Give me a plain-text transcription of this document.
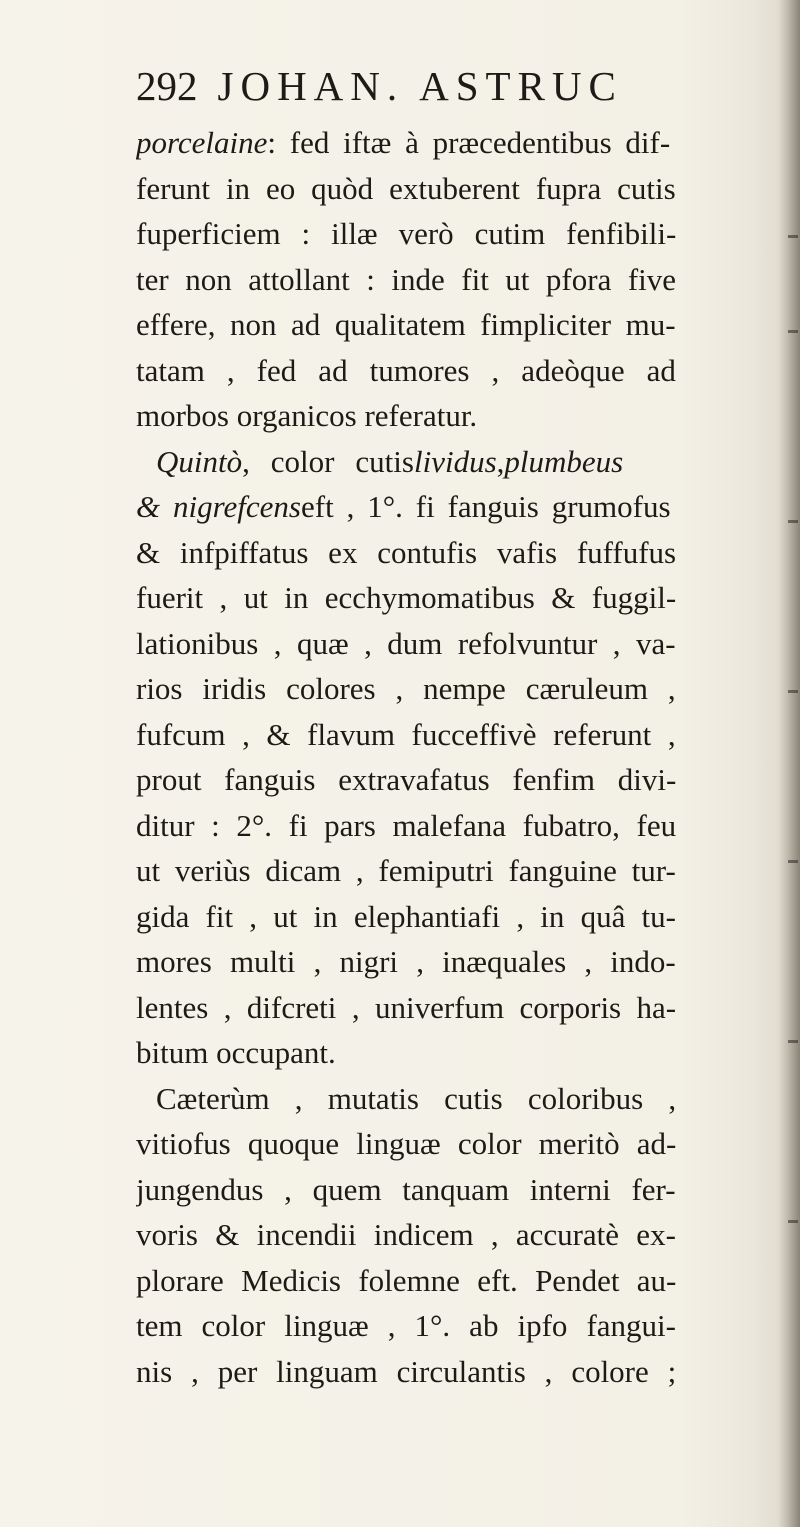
292 JOHAN. ASTRUC
porcelaine: fed iftæ à præcedentibus dif-
ferunt in eo quòd extuberent fupra cutis
fuperficiem : illæ verò cutim fenfibili-
ter non attollant : inde fit ut pfora five
effere, non ad qualitatem fimpliciter mu-
tatam , fed ad tumores , adeòque ad
morbos organicos referatur.
Quintò, color cutislividus,plumbeus
& nigrefcenseft , 1°. fi fanguis grumofus
& infpiffatus ex contufis vafis fuffufus
fuerit , ut in ecchymomatibus & fuggil-
lationibus , quæ , dum refolvuntur , va-
rios iridis colores , nempe cæruleum ,
fufcum , & flavum fucceffivè referunt ,
prout fanguis extravafatus fenfim divi-
ditur : 2°. fi pars malefana fubatro, feu
ut veriùs dicam , femiputri fanguine tur-
gida fit , ut in elephantiafi , in quâ tu-
mores multi , nigri , inæquales , indo-
lentes , difcreti , univerfum corporis ha-
bitum occupant.
Cæterùm , mutatis cutis coloribus ,
vitiofus quoque linguæ color meritò ad-
jungendus , quem tanquam interni fer-
voris & incendii indicem , accuratè ex-
plorare Medicis folemne eft. Pendet au-
tem color linguæ , 1°. ab ipfo fangui-
nis , per linguam circulantis , colore ;
